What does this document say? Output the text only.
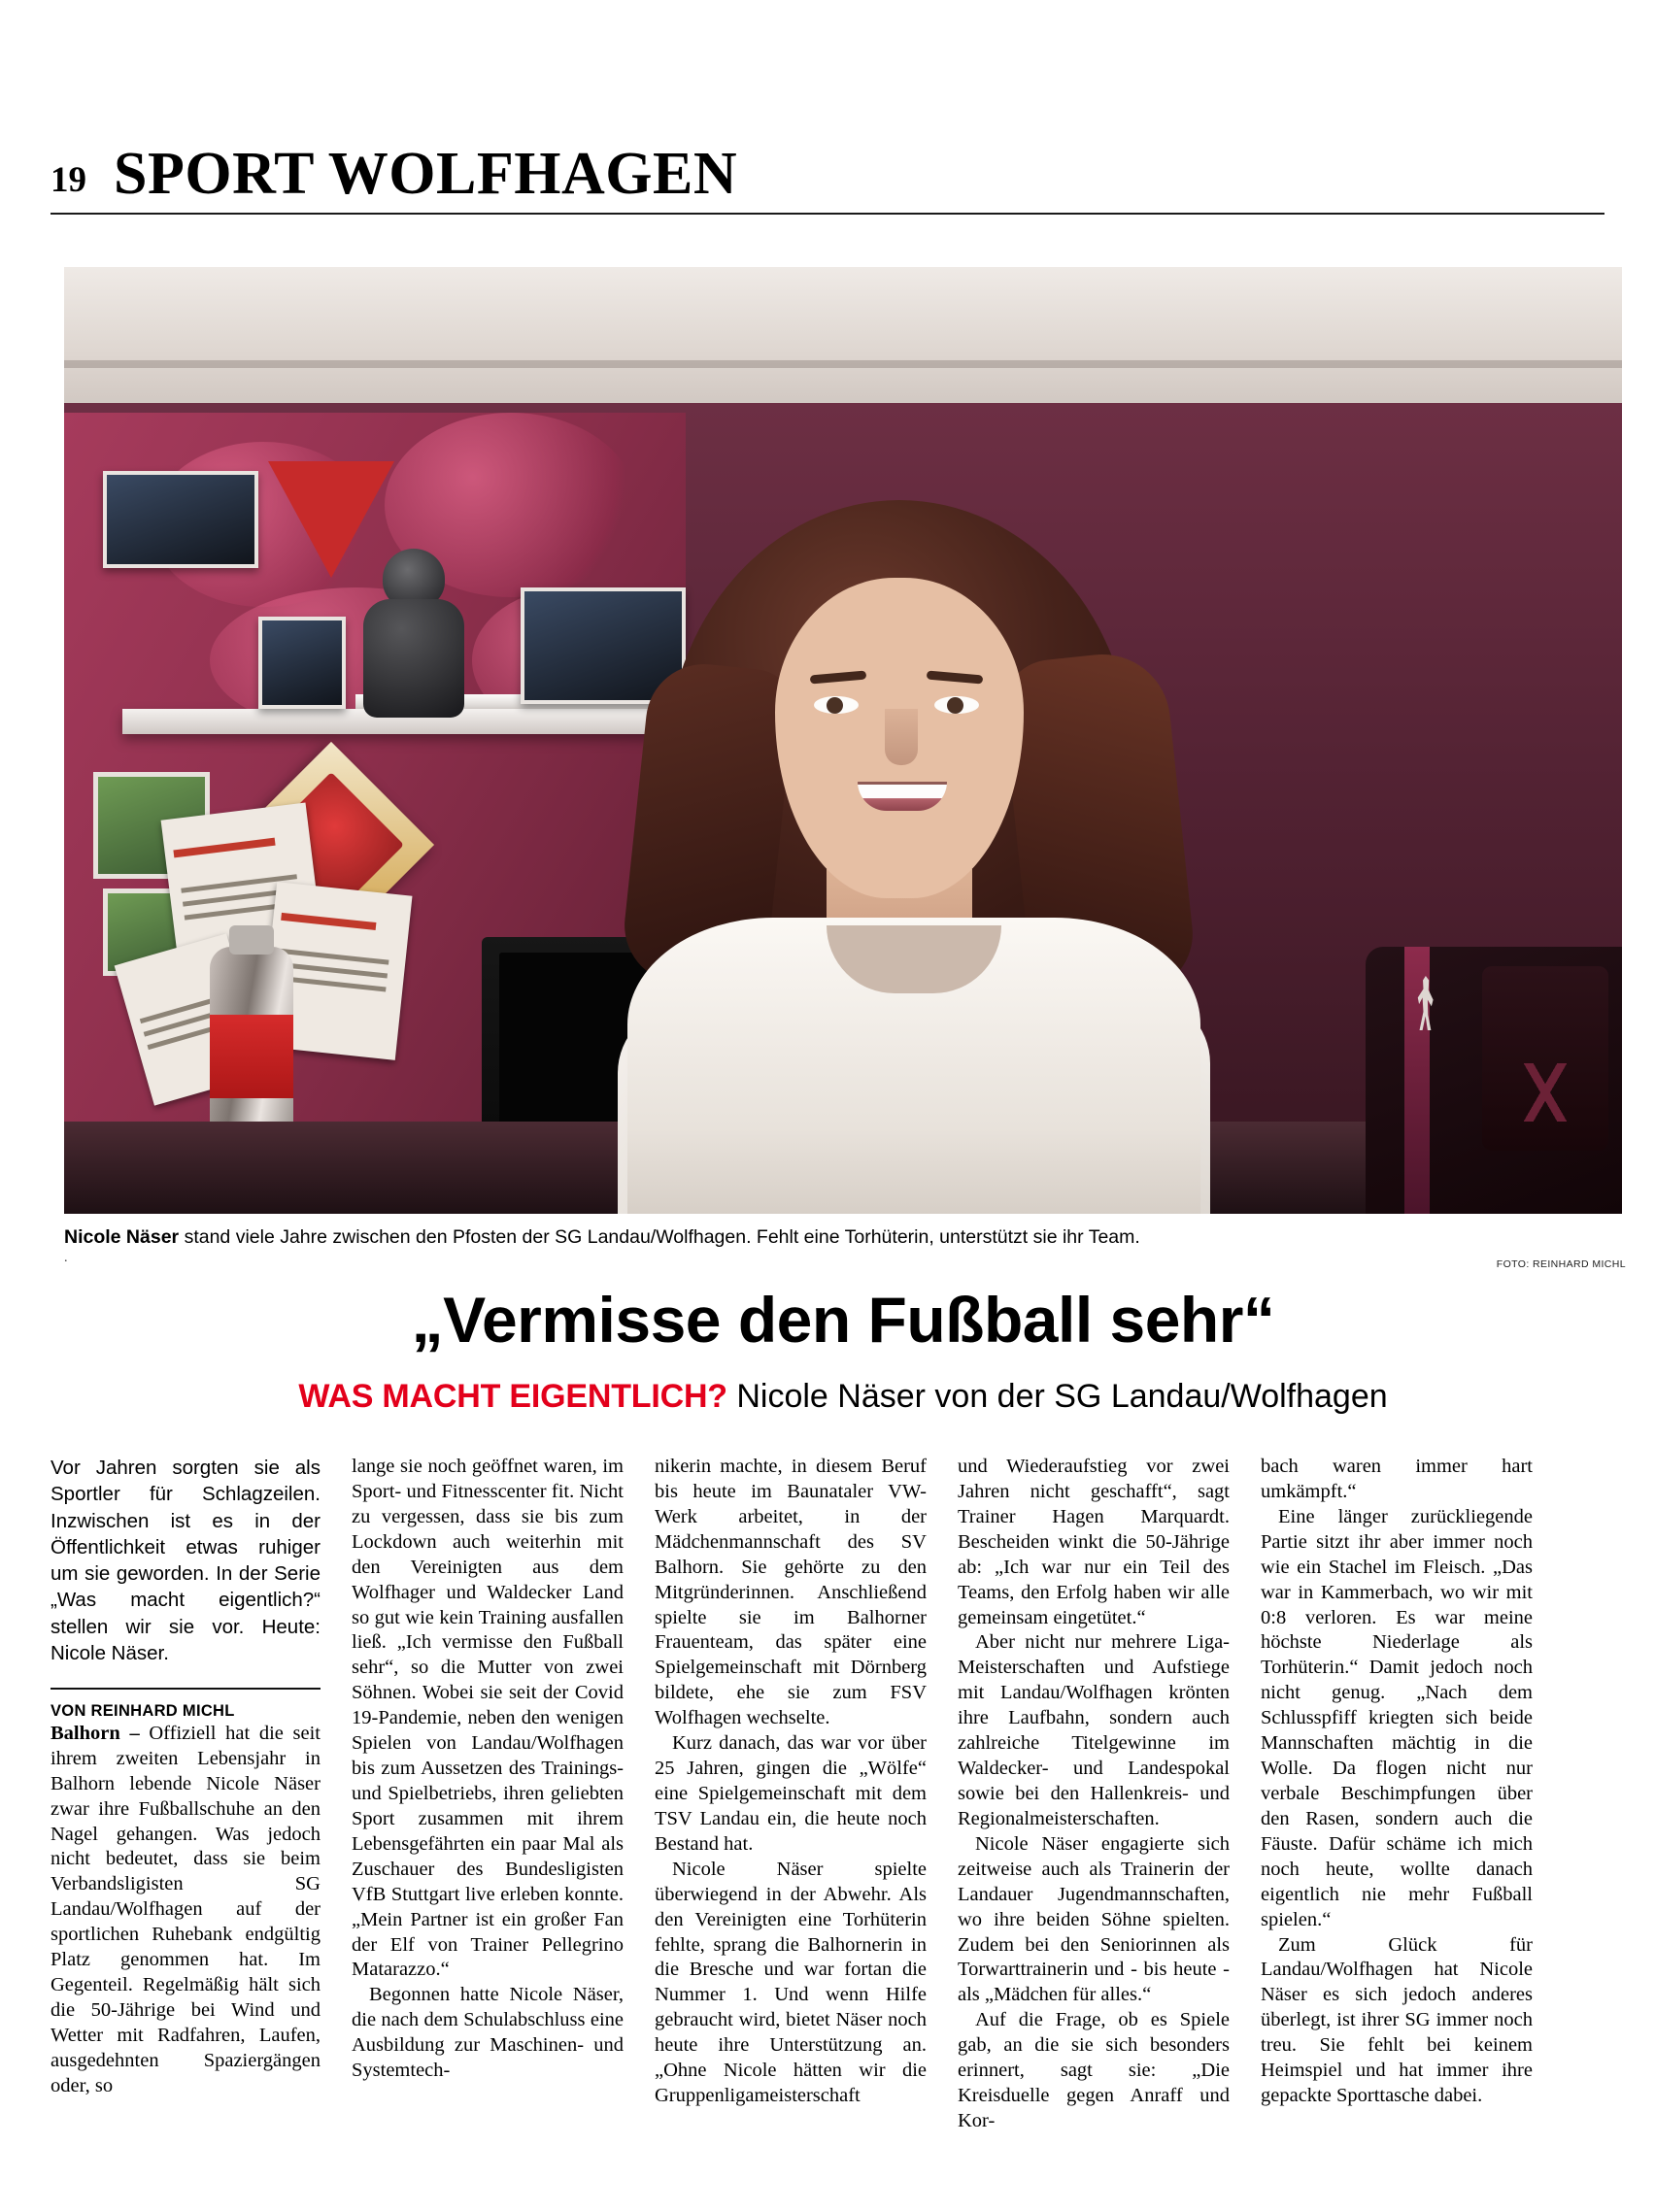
19 SPORT WOLFHAGEN
Nicole Näser stand viele Jahre zwischen den Pfosten der SG Landau/Wolfhagen. Fehlt eine Torhüterin, unterstützt sie ihr Team.
.	FOTO: REINHARD MICHL
„Vermisse den Fußball sehr“
WAS MACHT EIGENTLICH? Nicole Näser von der SG Landau/Wolfhagen

Vor Jahren sorgten sie als Sportler für Schlagzeilen. Inzwischen ist es in der Öffentlichkeit etwas ruhiger um sie geworden. In der Serie „Was macht eigentlich?“ stellen wir sie vor. Heute: Nicole Näser.

VON REINHARD MICHL

Balhorn – Offiziell hat die seit ihrem zweiten Lebensjahr in Balhorn lebende Nicole Näser zwar ihre Fußballschuhe an den Nagel gehangen. Was jedoch nicht bedeutet, dass sie beim Verbandsligisten SG Landau/Wolfhagen auf der sportlichen Ruhebank endgültig Platz genommen hat. Im Gegenteil. Regelmäßig hält sich die 50-Jährige bei Wind und Wetter mit Radfahren, Laufen, ausgedehnten Spaziergängen oder, so

lange sie noch geöffnet waren, im Sport- und Fitnesscenter fit. Nicht zu vergessen, dass sie bis zum Lockdown auch weiterhin mit den Vereinigten aus dem Wolfhager und Waldecker Land so gut wie kein Training ausfallen ließ. „Ich vermisse den Fußball sehr“, so die Mutter von zwei Söhnen. Wobei sie seit der Covid 19-Pandemie, neben den wenigen Spielen von Landau/Wolfhagen bis zum Aussetzen des Trainings- und Spielbetriebs, ihren geliebten Sport zusammen mit ihrem Lebensgefährten ein paar Mal als Zuschauer des Bundesligisten VfB Stuttgart live erleben konnte. „Mein Partner ist ein großer Fan der Elf von Trainer Pellegrino Matarazzo.“

Begonnen hatte Nicole Näser, die nach dem Schulabschluss eine Ausbildung zur Maschinen- und Systemtech-

nikerin machte, in diesem Beruf bis heute im Baunataler VW-Werk arbeitet, in der Mädchenmannschaft des SV Balhorn. Sie gehörte zu den Mitgründerinnen. Anschließend spielte sie im Balhorner Frauenteam, das später eine Spielgemeinschaft mit Dörnberg bildete, ehe sie zum FSV Wolfhagen wechselte.

Kurz danach, das war vor über 25 Jahren, gingen die „Wölfe“ eine Spielgemeinschaft mit dem TSV Landau ein, die heute noch Bestand hat.

Nicole Näser spielte überwiegend in der Abwehr. Als den Vereinigten eine Torhüterin fehlte, sprang die Balhornerin in die Bresche und war fortan die Nummer 1. Und wenn Hilfe gebraucht wird, bietet Näser noch heute ihre Unterstützung an. „Ohne Nicole hätten wir die Gruppenligameisterschaft

und Wiederaufstieg vor zwei Jahren nicht geschafft“, sagt Trainer Hagen Marquardt. Bescheiden winkt die 50-Jährige ab: „Ich war nur ein Teil des Teams, den Erfolg haben wir alle gemeinsam eingetütet.“

Aber nicht nur mehrere Liga-Meisterschaften und Aufstiege mit Landau/Wolfhagen krönten ihre Laufbahn, sondern auch zahlreiche Titelgewinne im Waldecker- und Landespokal sowie bei den Hallenkreis- und Regionalmeisterschaften.

Nicole Näser engagierte sich zeitweise auch als Trainerin der Landauer Jugendmannschaften, wo ihre beiden Söhne spielten. Zudem bei den Seniorinnen als Torwarttrainerin und - bis heute - als „Mädchen für alles.“

Auf die Frage, ob es Spiele gab, an die sie sich besonders erinnert, sagt sie: „Die Kreisduelle gegen Anraff und Kor-

bach waren immer hart umkämpft.“

Eine länger zurückliegende Partie sitzt ihr aber immer noch wie ein Stachel im Fleisch. „Das war in Kammerbach, wo wir mit 0:8 verloren. Es war meine höchste Niederlage als Torhüterin.“ Damit jedoch noch nicht genug. „Nach dem Schlusspfiff kriegten sich beide Mannschaften mächtig in die Wolle. Da flogen nicht nur verbale Beschimpfungen über den Rasen, sondern auch die Fäuste. Dafür schäme ich mich noch heute, wollte danach eigentlich nie mehr Fußball spielen.“

Zum Glück für Landau/Wolfhagen hat Nicole Näser es sich jedoch anderes überlegt, ist ihrer SG immer noch treu. Sie fehlt bei keinem Heimspiel und hat immer ihre gepackte Sporttasche dabei.
